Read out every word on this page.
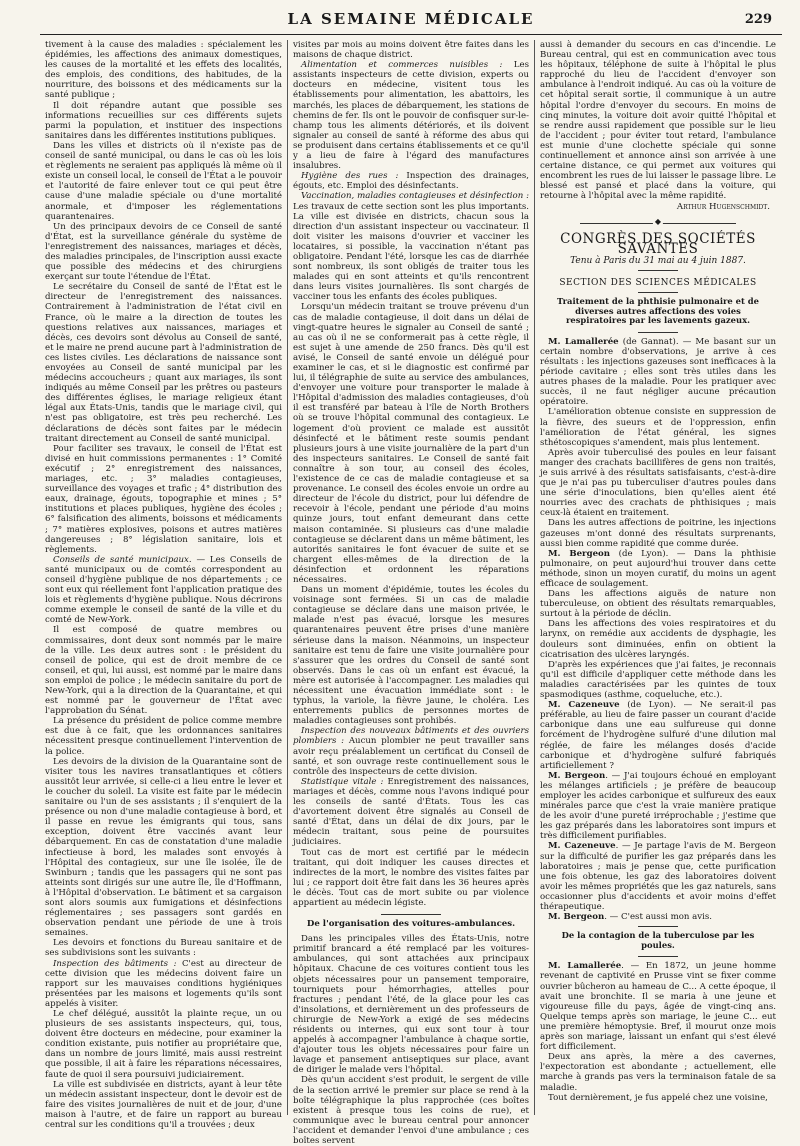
LA SEMAINE MÉDICALE	229

tivement à la cause des maladies : spécialement les épidémies, les affections des animaux domestiques, les causes de la mortalité et les effets des localités, des emplois, des conditions, des habitudes, de la nourriture, des boissons et des médicaments sur la santé publique ;

Il doit répandre autant que possible ses informations recueillies sur ces différents sujets parmi la population, et instituer des inspections sanitaires dans les différentes institutions publiques.

Dans les villes et districts où il n'existe pas de conseil de santé municipal, ou dans le cas où les lois et règlements ne seraient pas appliqués là même où il existe un conseil local, le conseil de l'État a le pouvoir et l'autorité de faire enlever tout ce qui peut être cause d'une maladie spéciale ou d'une mortalité anormale, et d'imposer les réglementations quarantenaires.

Un des principaux devoirs de ce Conseil de santé d'État, est la surveillance générale du système de l'enregistrement des naissances, mariages et décès, des maladies principales, de l'inscription aussi exacte que possible des médecins et des chirurgiens exerçant sur toute l'étendue de l'État.

Le secrétaire du Conseil de santé de l'État est le directeur de l'enregistrement des naissances. Contrairement à l'administration de l'état civil en France, où le maire a la direction de toutes les questions relatives aux naissances, mariages et décès, ces devoirs sont dévolus au Conseil de santé, et le maire ne prend aucune part à l'administration de ces listes civiles. Les déclarations de naissance sont envoyées au Conseil de santé municipal par les médecins accoucheurs ; quant aux mariages, ils sont indiqués au même Conseil par les prêtres ou pasteurs des différentes églises, le mariage religieux étant légal aux États-Unis, tandis que le mariage civil, qui n'est pas obligatoire, est très peu recherché. Les déclarations de décès sont faites par le médecin traitant directement au Conseil de santé municipal.

Pour faciliter ses travaux, le conseil de l'État est divisé en huit commissions permanentes : 1° Comité exécutif ; 2° enregistrement des naissances, mariages, etc. ; 3° maladies contagieuses, surveillance des voyages et trafic ; 4° distribution des eaux, drainage, égouts, topographie et mines ; 5° institutions et places publiques, hygiène des écoles ; 6° falsification des aliments, boissons et médicaments ; 7° matières explosives, poisons et autres matières dangereuses ; 8° législation sanitaire, lois et règlements.

Conseils de santé municipaux. — Les Conseils de santé municipaux ou de comtés correspondent au conseil d'hygiène publique de nos départements ; ce sont eux qui réellement font l'application pratique des lois et règlements d'hygiène publique. Nous décrirons comme exemple le conseil de santé de la ville et du comté de New-York.

Il est composé de quatre membres ou commissaires, dont deux sont nommés par le maire de la ville. Les deux autres sont : le président du conseil de police, qui est de droit membre de ce conseil, et qui, lui aussi, est nommé par le maire dans son emploi de police ; le médecin sanitaire du port de New-York, qui a la direction de la Quarantaine, et qui est nommé par le gouverneur de l'État avec l'approbation du Sénat.

La présence du président de police comme membre est due à ce fait, que les ordonnances sanitaires nécessitent presque continuellement l'intervention de la police.

Les devoirs de la division de la Quarantaine sont de visiter tous les navires transatlantiques et côtiers aussitôt leur arrivée, si celle-ci a lieu entre le lever et le coucher du soleil. La visite est faite par le médecin sanitaire ou l'un de ses assistants ; il s'enquiert de la présence ou non d'une maladie contagieuse à bord, et il passe en revue les émigrants qui tous, sans exception, doivent être vaccinés avant leur débarquement. En cas de constatation d'une maladie infectieuse à bord, les malades sont envoyés à l'Hôpital des contagieux, sur une île isolée, île de Swinburn ; tandis que les passagers qui ne sont pas atteints sont dirigés sur une autre île, île d'Hoffmann, à l'Hôpital d'observation. Le bâtiment et sa cargaison sont alors soumis aux fumigations et désinfections réglementaires ; ses passagers sont gardés en observation pendant une période de une à trois semaines.

Les devoirs et fonctions du Bureau sanitaire et de ses subdivisions sont les suivants :

Inspection des bâtiments : C'est au directeur de cette division que les médecins doivent faire un rapport sur les mauvaises conditions hygiéniques présentées par les maisons et logements qu'ils sont appelés à visiter.

Le chef délégué, aussitôt la plainte reçue, un ou plusieurs de ses assistants inspecteurs, qui, tous, doivent être docteurs en médecine, pour examiner la condition existante, puis notifier au propriétaire que, dans un nombre de jours limité, mais aussi restreint que possible, il ait à faire les réparations nécessaires, faute de quoi il sera poursuivi judiciairement.

La ville est subdivisée en districts, ayant à leur tête un médecin assistant inspecteur, dont le devoir est de faire des visites journalières de nuit et de jour, d'une maison à l'autre, et de faire un rapport au bureau central sur les conditions qu'il a trouvées ; deux

visites par mois au moins doivent être faites dans les maisons de chaque district.

Alimentation et commerces nuisibles : Les assistants inspecteurs de cette division, experts ou docteurs en médecine, visitent tous les établissements pour alimentation, les abattoirs, les marchés, les places de débarquement, les stations de chemins de fer. Ils ont le pouvoir de confisquer sur-le-champ tous les aliments détériorés, et ils doivent signaler au conseil de santé à réforme des abus qui se produisent dans certains établissements et ce qu'il y a lieu de faire à l'égard des manufactures insalubres.

Hygiène des rues : Inspection des drainages, égouts, etc. Emploi des désinfectants.

Vaccination, maladies contagieuses et désinfection : Les travaux de cette section sont les plus importants. La ville est divisée en districts, chacun sous la direction d'un assistant inspecteur ou vaccinateur. Il doit visiter les maisons d'ouvrier et vacciner les locataires, si possible, la vaccination n'étant pas obligatoire. Pendant l'été, lorsque les cas de diarrhée sont nombreux, ils sont obligés de traiter tous les malades qui en sont atteints et qu'ils rencontrent dans leurs visites journalières. Ils sont chargés de vacciner tous les enfants des écoles publiques.

Lorsqu'un médecin traitant se trouve prévenu d'un cas de maladie contagieuse, il doit dans un délai de vingt-quatre heures le signaler au Conseil de santé ; au cas où il ne se conformerait pas à cette règle, il est sujet à une amende de 250 francs. Dès qu'il est avisé, le Conseil de santé envoie un délégué pour examiner le cas, et si le diagnostic est confirmé par lui, il télégraphie de suite au service des ambulances, d'envoyer une voiture pour transporter le malade à l'Hôpital d'admission des maladies contagieuses, d'où il est transféré par bateau à l'île de North Brothers où se trouve l'hôpital communal des contagieux. Le logement d'où provient ce malade est aussitôt désinfecté et le bâtiment reste soumis pendant plusieurs jours à une visite journalière de la part d'un des inspecteurs sanitaires. Le Conseil de santé fait connaître à son tour, au conseil des écoles, l'existence de ce cas de maladie contagieuse et sa provenance. Le conseil des écoles envoie un ordre au directeur de l'école du district, pour lui défendre de recevoir à l'école, pendant une période d'au moins quinze jours, tout enfant demeurant dans cette maison contaminée. Si plusieurs cas d'une maladie contagieuse se déclarent dans un même bâtiment, les autorités sanitaires le font évacuer de suite et se chargent elles-mêmes de la direction de la désinfection et ordonnent les réparations nécessaires.

Dans un moment d'épidémie, toutes les écoles du voisinage sont fermées. Si un cas de maladie contagieuse se déclare dans une maison privée, le malade n'est pas évacué, lorsque les mesures quarantenaires peuvent être prises d'une manière sérieuse dans la maison. Néanmoins, un inspecteur sanitaire est tenu de faire une visite journalière pour s'assurer que les ordres du Conseil de santé sont observés. Dans le cas où un enfant est évacué, la mère est autorisée à l'accompagner. Les maladies qui nécessitent une évacuation immédiate sont : le typhus, la variole, la fièvre jaune, le choléra. Les enterrements publics de personnes mortes de maladies contagieuses sont prohibés.

Inspection des nouveaux bâtiments et des ouvriers plombiers : Aucun plombier ne peut travailler sans avoir reçu préalablement un certificat du Conseil de santé, et son ouvrage reste continuellement sous le contrôle des inspecteurs de cette division.

Statistique vitale : Enregistrement des naissances, mariages et décès, comme nous l'avons indiqué pour les conseils de santé d'États. Tous les cas d'avortement doivent être signalés au Conseil de santé d'État, dans un délai de dix jours, par le médecin traitant, sous peine de poursuites judiciaires.

Tout cas de mort est certifié par le médecin traitant, qui doit indiquer les causes directes et indirectes de la mort, le nombre des visites faites par lui ; ce rapport doit être fait dans les 36 heures après le décès. Tout cas de mort subite ou par violence appartient au médecin légiste.

De l'organisation des voitures-ambulances.

Dans les principales villes des États-Unis, notre primitif brancard a été remplacé par les voitures-ambulances, qui sont attachées aux principaux hôpitaux. Chacune de ces voitures contient tous les objets nécessaires pour un pansement temporaire, tourniquets pour hémorrhagies, attelles pour fractures ; pendant l'été, de la glace pour les cas d'insolations, et dernièrement un des professeurs de chirurgie de New-York a exigé de ses médecins résidents ou internes, qui eux sont tour à tour appelés à accompagner l'ambulance à chaque sortie, d'ajouter tous les objets nécessaires pour faire un lavage et pansement antiseptiques sur place, avant de diriger le malade vers l'hôpital.

Dès qu'un accident s'est produit, le sergent de ville de la section arrivé le premier sur place se rend à la boîte télégraphique la plus rapprochée (ces boîtes existent à presque tous les coins de rue), et communique avec le bureau central pour annoncer l'accident et demander l'envoi d'une ambulance ; ces boîtes servent

aussi à demander du secours en cas d'incendie. Le Bureau central, qui est en communication avec tous les hôpitaux, téléphone de suite à l'hôpital le plus rapproché du lieu de l'accident d'envoyer son ambulance à l'endroit indiqué. Au cas où la voiture de cet hôpital serait sortie, il communique à un autre hôpital l'ordre d'envoyer du secours. En moins de cinq minutes, la voiture doit avoir quitté l'hôpital et se rendre aussi rapidement que possible sur le lieu de l'accident ; pour éviter tout retard, l'ambulance est munie d'une clochette spéciale qui sonne continuellement et annonce ainsi son arrivée à une certaine distance, ce qui permet aux voitures qui encombrent les rues de lui laisser le passage libre. Le blessé est pansé et placé dans la voiture, qui retourne à l'hôpital avec la même rapidité.

Arthur Hugenschmidt.
◆
CONGRÈS DES SOCIÉTÉS SAVANTES
Tenu à Paris du 31 mai au 4 juin 1887.
SECTION DES SCIENCES MÉDICALES
Traitement de la phthisie pulmonaire et de diverses autres affections des voies respiratoires par les lavements gazeux.

M. Lamallerée (de Gannat). — Me basant sur un certain nombre d'observations, je arrive à ces résultats : les injections gazeuses sont inefficaces à la période cavitaire ; elles sont très utiles dans les autres phases de la maladie. Pour les pratiquer avec succès, il ne faut négliger aucune précaution opératoire.

L'amélioration obtenue consiste en suppression de la fièvre, des sueurs et de l'oppression, enfin l'amélioration de l'état général, les signes sthétoscopiques s'amendent, mais plus lentement.

Après avoir tuberculisé des poules en leur faisant manger des crachats bacillifères de gens non traités, je suis arrivé à des résultats satisfaisants, c'est-à-dire que je n'ai pas pu tuberculiser d'autres poules dans une série d'inoculations, bien qu'elles aient été nourries avec des crachats de phthisiques ; mais ceux-là étaient en traitement.

Dans les autres affections de poitrine, les injections gazeuses m'ont donné des résultats surprenants, aussi bien comme rapidité que comme durée.

M. Bergeon (de Lyon). — Dans la phthisie pulmonaire, on peut aujourd'hui trouver dans cette méthode, sinon un moyen curatif, du moins un agent efficace de soulagement.

Dans les affections aiguës de nature non tuberculeuse, on obtient des résultats remarquables, surtout à la période de déclin.

Dans les affections des voies respiratoires et du larynx, on remédie aux accidents de dysphagie, les douleurs sont diminuées, enfin on obtient la cicatrisation des ulcères laryngés.

D'après les expériences que j'ai faites, je reconnais qu'il est difficile d'appliquer cette méthode dans les maladies caractérisées par les quintes de toux spasmodiques (asthme, coqueluche, etc.).

M. Cazeneuve (de Lyon). — Ne serait-il pas préférable, au lieu de faire passer un courant d'acide carbonique dans une eau sulfureuse qui donne forcément de l'hydrogène sulfuré d'une dilution mal réglée, de faire les mélanges dosés d'acide carbonique et d'hydrogène sulfuré fabriqués artificiellement ?

M. Bergeon. — J'ai toujours échoué en employant les mélanges artificiels ; je préfère de beaucoup employer les acides carbonique et sulfureux des eaux minérales parce que c'est la vraie manière pratique de les avoir d'une pureté irréprochable ; j'estime que les gaz préparés dans les laboratoires sont impurs et très difficilement purifiables.

M. Cazeneuve. — Je partage l'avis de M. Bergeon sur la difficulté de purifier les gaz préparés dans les laboratoires ; mais je pense que, cette purification une fois obtenue, les gaz des laboratoires doivent avoir les mêmes propriétés que les gaz naturels, sans occasionner plus d'accidents et avoir moins d'effet thérapeutique.

M. Bergeon. — C'est aussi mon avis.

De la contagion de la tuberculose par les poules.

M. Lamallerée. — En 1872, un jeune homme revenant de captivité en Prusse vint se fixer comme ouvrier bûcheron au hameau de C... A cette époque, il avait une bronchite. Il se maria à une jeune et vigoureuse fille du pays, âgée de vingt-cinq ans. Quelque temps après son mariage, le jeune C... eut une première hémoptysie. Bref, il mourut onze mois après son mariage, laissant un enfant qui s'est élevé fort difficilement.

Deux ans après, la mère a des cavernes, l'expectoration est abondante ; actuellement, elle marche à grands pas vers la terminaison fatale de sa maladie.

Tout dernièrement, je fus appelé chez une voisine,
